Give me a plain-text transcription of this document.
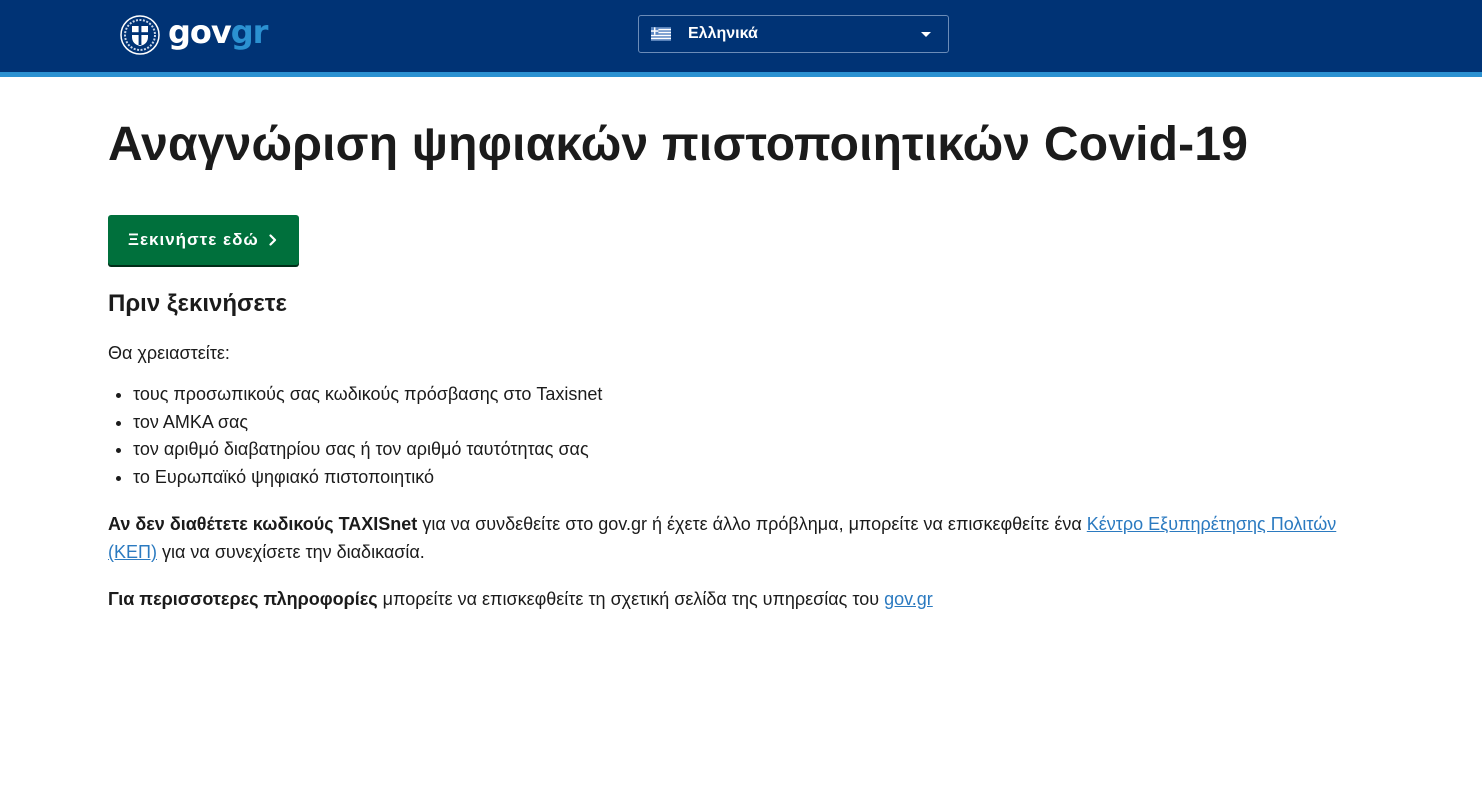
govgr	Ελληνικά
Αναγνώριση ψηφιακών πιστοποιητικών Covid-19
Ξεκινήστε εδώ
Πριν ξεκινήσετε

Θα χρειαστείτε:

• τους προσωπικούς σας κωδικούς πρόσβασης στο Taxisnet
• τον ΑΜΚΑ σας
• τον αριθμό διαβατηρίου σας ή τον αριθμό ταυτότητας σας
• το Ευρωπαϊκό ψηφιακό πιστοποιητικό

Αν δεν διαθέτετε κωδικούς TAXISnet για να συνδεθείτε στο gov.gr ή έχετε άλλο πρόβλημα, μπορείτε να επισκεφθείτε ένα Κέντρο Εξυπηρέτησης Πολιτών (ΚΕΠ) για να συνεχίσετε την διαδικασία.

Για περισσοτερες πληροφορίες μπορείτε να επισκεφθείτε τη σχετική σελίδα της υπηρεσίας του gov.gr
